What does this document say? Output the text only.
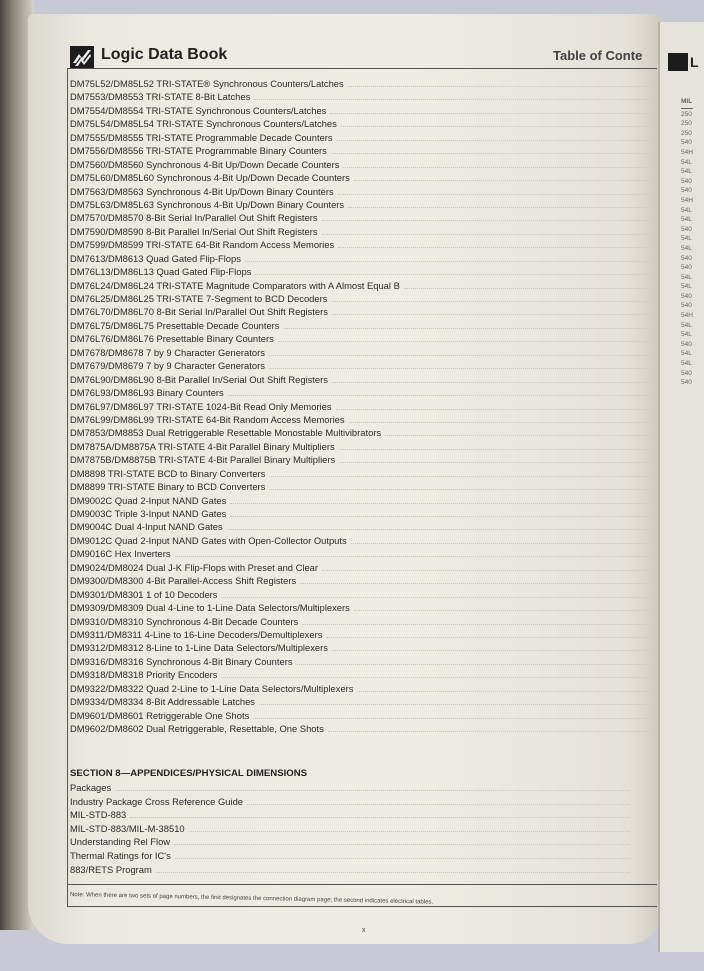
L
MIL
250
250
250
540
54H
54L
54L
540
540
54H
54L
54L
540
54L
54L
540
540
54L
54L
540
540
54H
54L
54L
540
54L
54L
540
540
Logic Data Book	Table of Conte
DM75L52/DM85L52 TRI-STATE® Synchronous Counters/Latches
DM7553/DM8553 TRI-STATE 8-Bit Latches
DM7554/DM8554 TRI-STATE Synchronous Counters/Latches
DM75L54/DM85L54 TRI-STATE Synchronous Counters/Latches
DM7555/DM8555 TRI-STATE Programmable Decade Counters
DM7556/DM8556 TRI-STATE Programmable Binary Counters
DM7560/DM8560 Synchronous 4-Bit Up/Down Decade Counters
DM75L60/DM85L60 Synchronous 4-Bit Up/Down Decade Counters
DM7563/DM8563 Synchronous 4-Bit Up/Down Binary Counters
DM75L63/DM85L63 Synchronous 4-Bit Up/Down Binary Counters
DM7570/DM8570 8-Bit Serial In/Parallel Out Shift Registers
DM7590/DM8590 8-Bit Parallel In/Serial Out Shift Registers
DM7599/DM8599 TRI-STATE 64-Bit Random Access Memories
DM7613/DM8613 Quad Gated Flip-Flops
DM76L13/DM86L13 Quad Gated Flip-Flops
DM76L24/DM86L24 TRI-STATE Magnitude Comparators with A Almost Equal B
DM76L25/DM86L25 TRI-STATE 7-Segment to BCD Decoders
DM76L70/DM86L70 8-Bit Serial In/Parallel Out Shift Registers
DM76L75/DM86L75 Presettable Decade Counters
DM76L76/DM86L76 Presettable Binary Counters
DM7678/DM8678 7 by 9 Character Generators
DM7679/DM8679 7 by 9 Character Generators
DM76L90/DM86L90 8-Bit Parallel In/Serial Out Shift Registers
DM76L93/DM86L93 Binary Counters
DM76L97/DM86L97 TRI-STATE 1024-Bit Read Only Memories
DM76L99/DM86L99 TRI-STATE 64-Bit Random Access Memories
DM7853/DM8853 Dual Retriggerable Resettable Monostable Multivibrators
DM7875A/DM8875A TRI-STATE 4-Bit Parallel Binary Multipliers
DM7875B/DM8875B TRI-STATE 4-Bit Parallel Binary Multipliers
DM8898 TRI-STATE BCD to Binary Converters
DM8899 TRI-STATE Binary to BCD Converters
DM9002C Quad 2-Input NAND Gates
DM9003C Triple 3-Input NAND Gates
DM9004C Dual 4-Input NAND Gates
DM9012C Quad 2-Input NAND Gates with Open-Collector Outputs
DM9016C Hex Inverters
DM9024/DM8024 Dual J-K Flip-Flops with Preset and Clear
DM9300/DM8300 4-Bit Parallel-Access Shift Registers
DM9301/DM8301 1 of 10 Decoders
DM9309/DM8309 Dual 4-Line to 1-Line Data Selectors/Multiplexers
DM9310/DM8310 Synchronous 4-Bit Decade Counters
DM9311/DM8311 4-Line to 16-Line Decoders/Demultiplexers
DM9312/DM8312 8-Line to 1-Line Data Selectors/Multiplexers
DM9316/DM8316 Synchronous 4-Bit Binary Counters
DM9318/DM8318 Priority Encoders
DM9322/DM8322 Quad 2-Line to 1-Line Data Selectors/Multiplexers
DM9334/DM8334 8-Bit Addressable Latches
DM9601/DM8601 Retriggerable One Shots
DM9602/DM8602 Dual Retriggerable, Resettable, One Shots
SECTION 8—APPENDICES/PHYSICAL DIMENSIONS
Packages
Industry Package Cross Reference Guide
MIL-STD-883
MIL-STD-883/MIL-M-38510
Understanding Rel Flow
Thermal Ratings for IC's
883/RETS Program
Note: When there are two sets of page numbers, the first designates the connection diagram page; the second indicates electrical tables.
x
